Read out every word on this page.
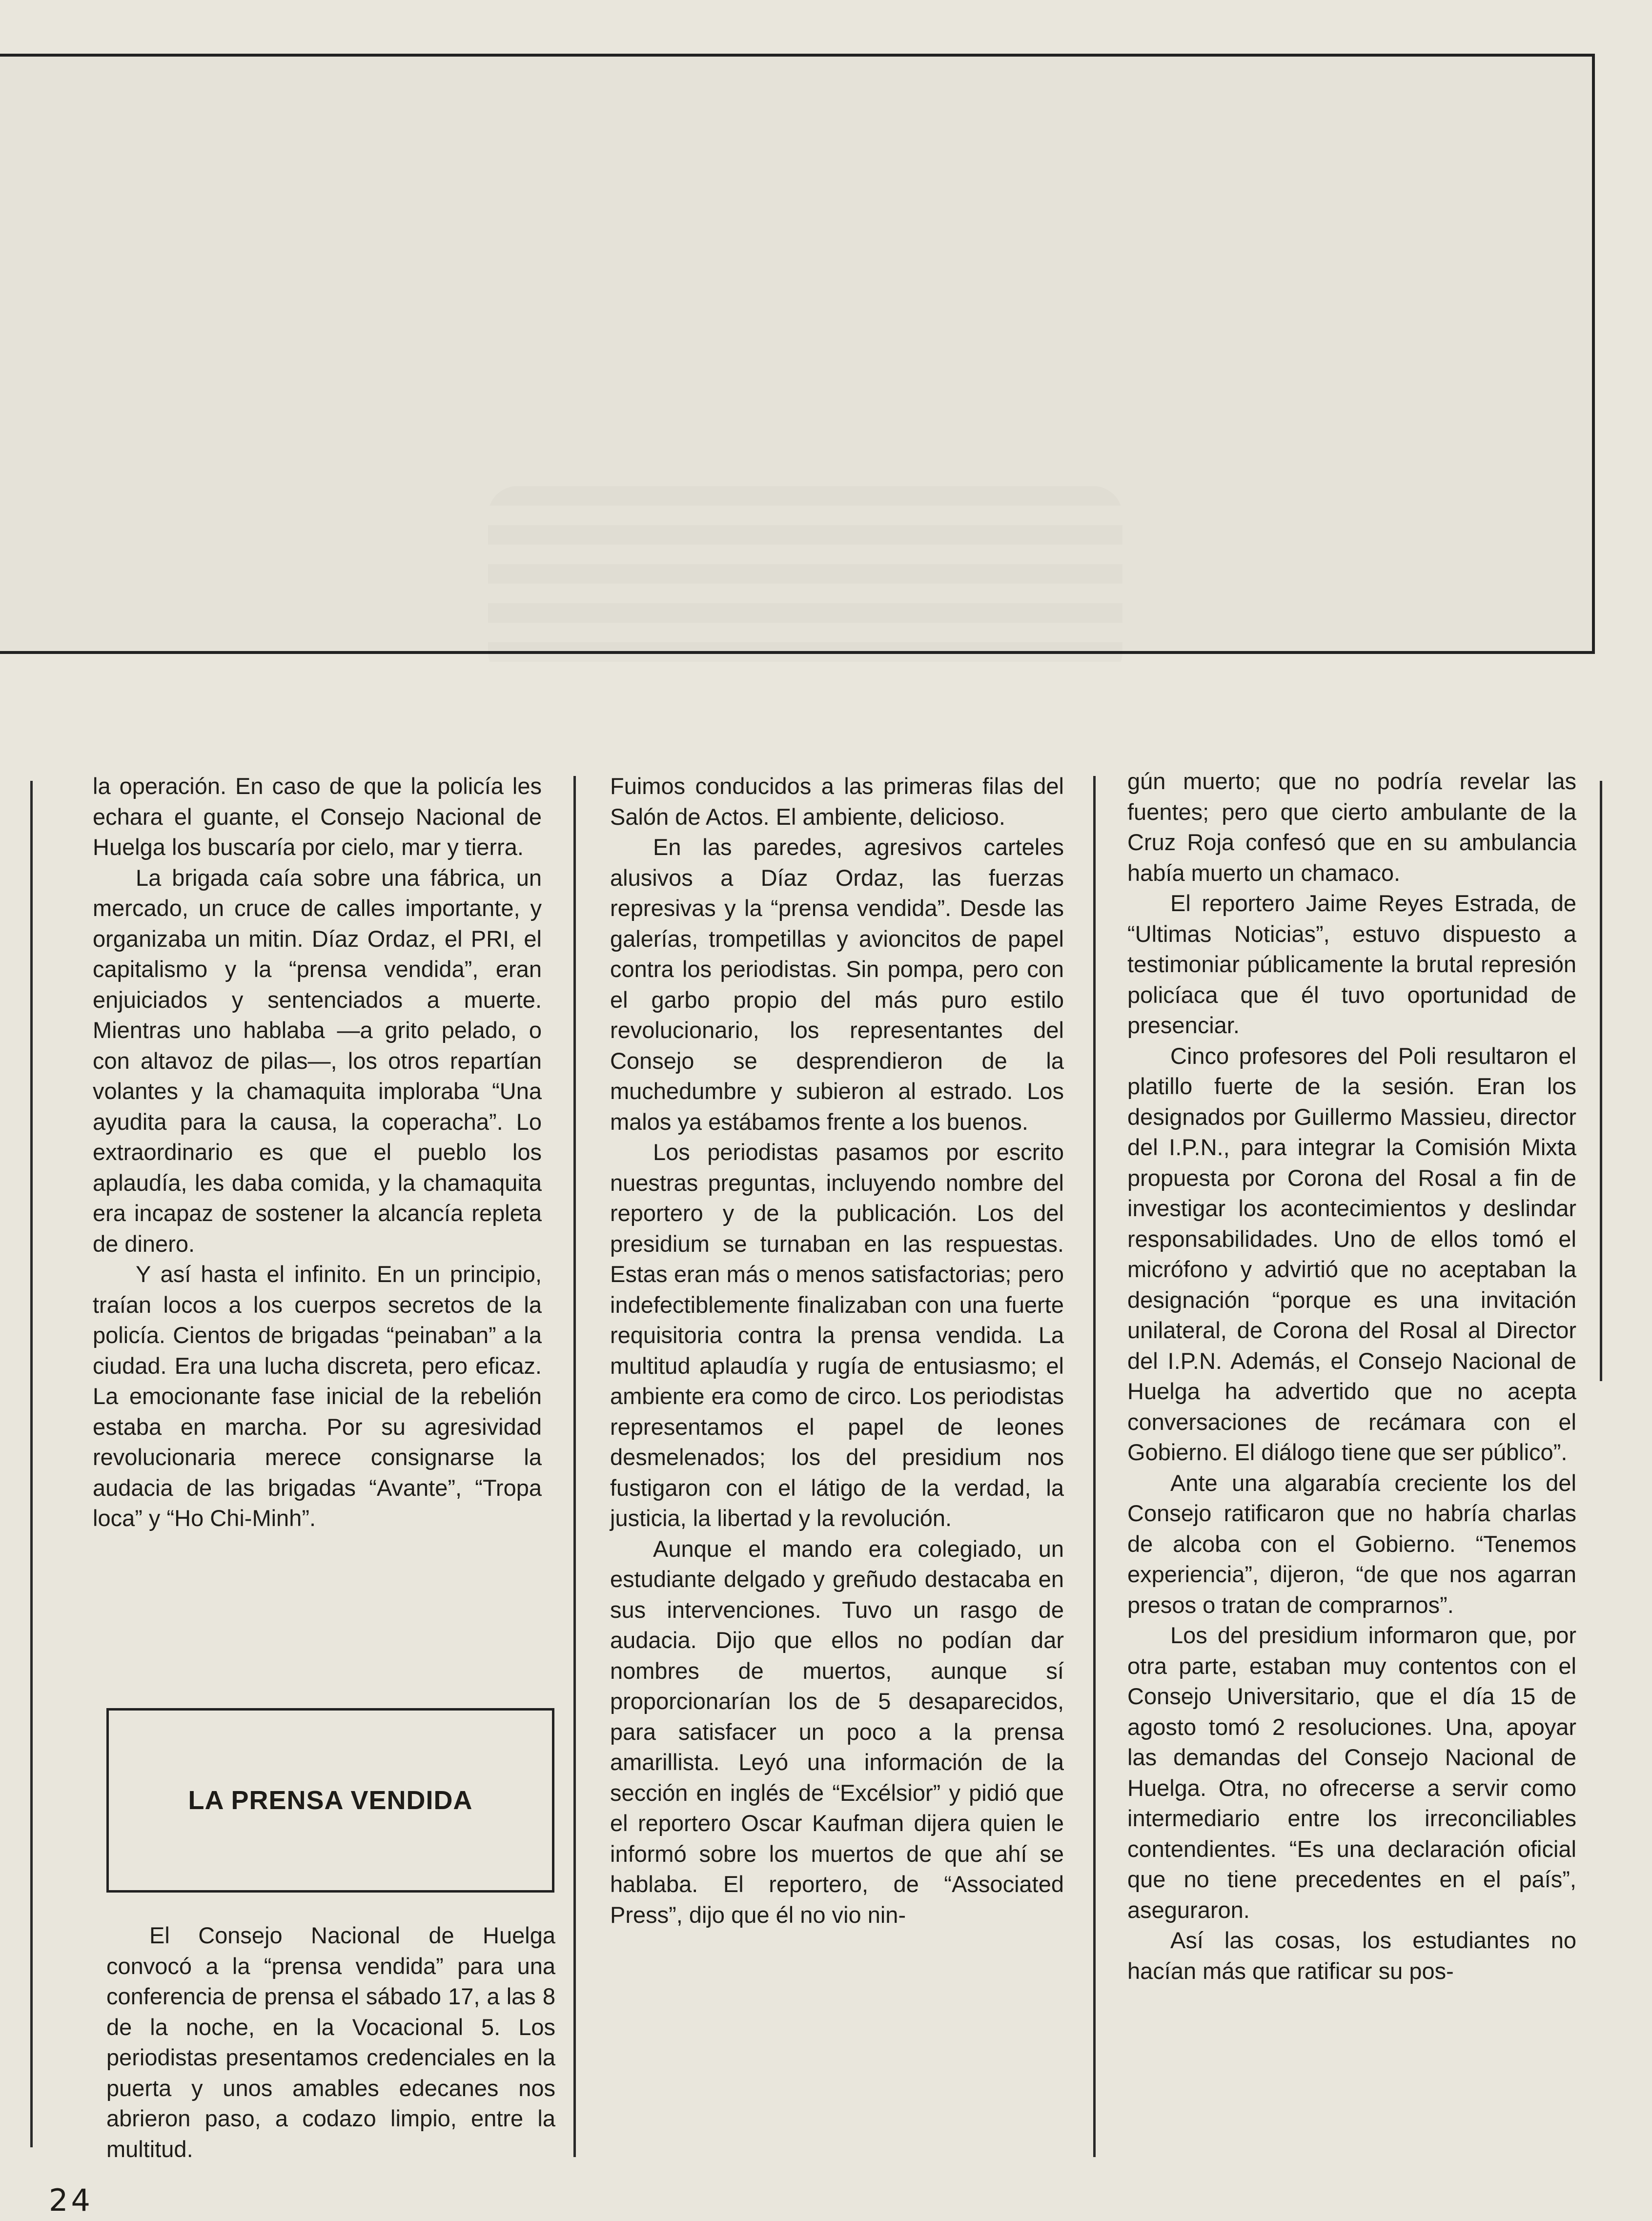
la operación. En caso de que la policía les echara el guante, el Consejo Nacional de Huelga los buscaría por cielo, mar y tierra.

La brigada caía sobre una fábrica, un mercado, un cruce de calles importante, y organizaba un mitin. Díaz Ordaz, el PRI, el capitalismo y la “prensa vendida”, eran enjuiciados y sentenciados a muerte. Mientras uno hablaba —a grito pelado, o con altavoz de pilas—, los otros repartían volantes y la chamaquita imploraba “Una ayudita para la causa, la coperacha”. Lo extraordinario es que el pueblo los aplaudía, les daba comida, y la chamaquita era incapaz de sostener la alcancía repleta de dinero.

Y así hasta el infinito. En un principio, traían locos a los cuerpos secretos de la policía. Cientos de brigadas “peinaban” a la ciudad. Era una lucha discreta, pero eficaz. La emocionante fase inicial de la rebelión estaba en marcha. Por su agresividad revolucionaria merece consignarse la audacia de las brigadas “Avante”, “Tropa loca” y “Ho Chi-Minh”.

LA PRENSA VENDIDA

El Consejo Nacional de Huelga convocó a la “prensa vendida” para una conferencia de prensa el sábado 17, a las 8 de la noche, en la Vocacional 5. Los periodistas presentamos credenciales en la puerta y unos amables edecanes nos abrieron paso, a codazo limpio, entre la multitud.

Fuimos conducidos a las primeras filas del Salón de Actos. El ambiente, delicioso.

En las paredes, agresivos carteles alusivos a Díaz Ordaz, las fuerzas represivas y la “prensa vendida”. Desde las galerías, trompetillas y avioncitos de papel contra los periodistas. Sin pompa, pero con el garbo propio del más puro estilo revolucionario, los representantes del Consejo se desprendieron de la muchedumbre y subieron al estrado. Los malos ya estábamos frente a los buenos.

Los periodistas pasamos por escrito nuestras preguntas, incluyendo nombre del reportero y de la publicación. Los del presidium se turnaban en las respuestas. Estas eran más o menos satisfactorias; pero indefectiblemente finalizaban con una fuerte requisitoria contra la prensa vendida. La multitud aplaudía y rugía de entusiasmo; el ambiente era como de circo. Los periodistas representamos el papel de leones desmelenados; los del presidium nos fustigaron con el látigo de la verdad, la justicia, la libertad y la revolución.

Aunque el mando era colegiado, un estudiante delgado y greñudo destacaba en sus intervenciones. Tuvo un rasgo de audacia. Dijo que ellos no podían dar nombres de muertos, aunque sí proporcionarían los de 5 desaparecidos, para satisfacer un poco a la prensa amarillista. Leyó una información de la sección en inglés de “Excélsior” y pidió que el reportero Oscar Kaufman dijera quien le informó sobre los muertos de que ahí se hablaba. El reportero, de “Associated Press”, dijo que él no vio nin-

gún muerto; que no podría revelar las fuentes; pero que cierto ambulante de la Cruz Roja confesó que en su ambulancia había muerto un chamaco.

El reportero Jaime Reyes Estrada, de “Ultimas Noticias”, estuvo dispuesto a testimoniar públicamente la brutal represión policíaca que él tuvo oportunidad de presenciar.

Cinco profesores del Poli resultaron el platillo fuerte de la sesión. Eran los designados por Guillermo Massieu, director del I.P.N., para integrar la Comisión Mixta propuesta por Corona del Rosal a fin de investigar los acontecimientos y deslindar responsabilidades. Uno de ellos tomó el micrófono y advirtió que no aceptaban la designación “porque es una invitación unilateral, de Corona del Rosal al Director del I.P.N. Además, el Consejo Nacional de Huelga ha advertido que no acepta conversaciones de recámara con el Gobierno. El diálogo tiene que ser público”.

Ante una algarabía creciente los del Consejo ratificaron que no habría charlas de alcoba con el Gobierno. “Tenemos experiencia”, dijeron, “de que nos agarran presos o tratan de comprarnos”.

Los del presidium informaron que, por otra parte, estaban muy contentos con el Consejo Universitario, que el día 15 de agosto tomó 2 resoluciones. Una, apoyar las demandas del Consejo Nacional de Huelga. Otra, no ofrecerse a servir como intermediario entre los irreconciliables contendientes. “Es una declaración oficial que no tiene precedentes en el país”, aseguraron.

Así las cosas, los estudiantes no hacían más que ratificar su pos-

24
